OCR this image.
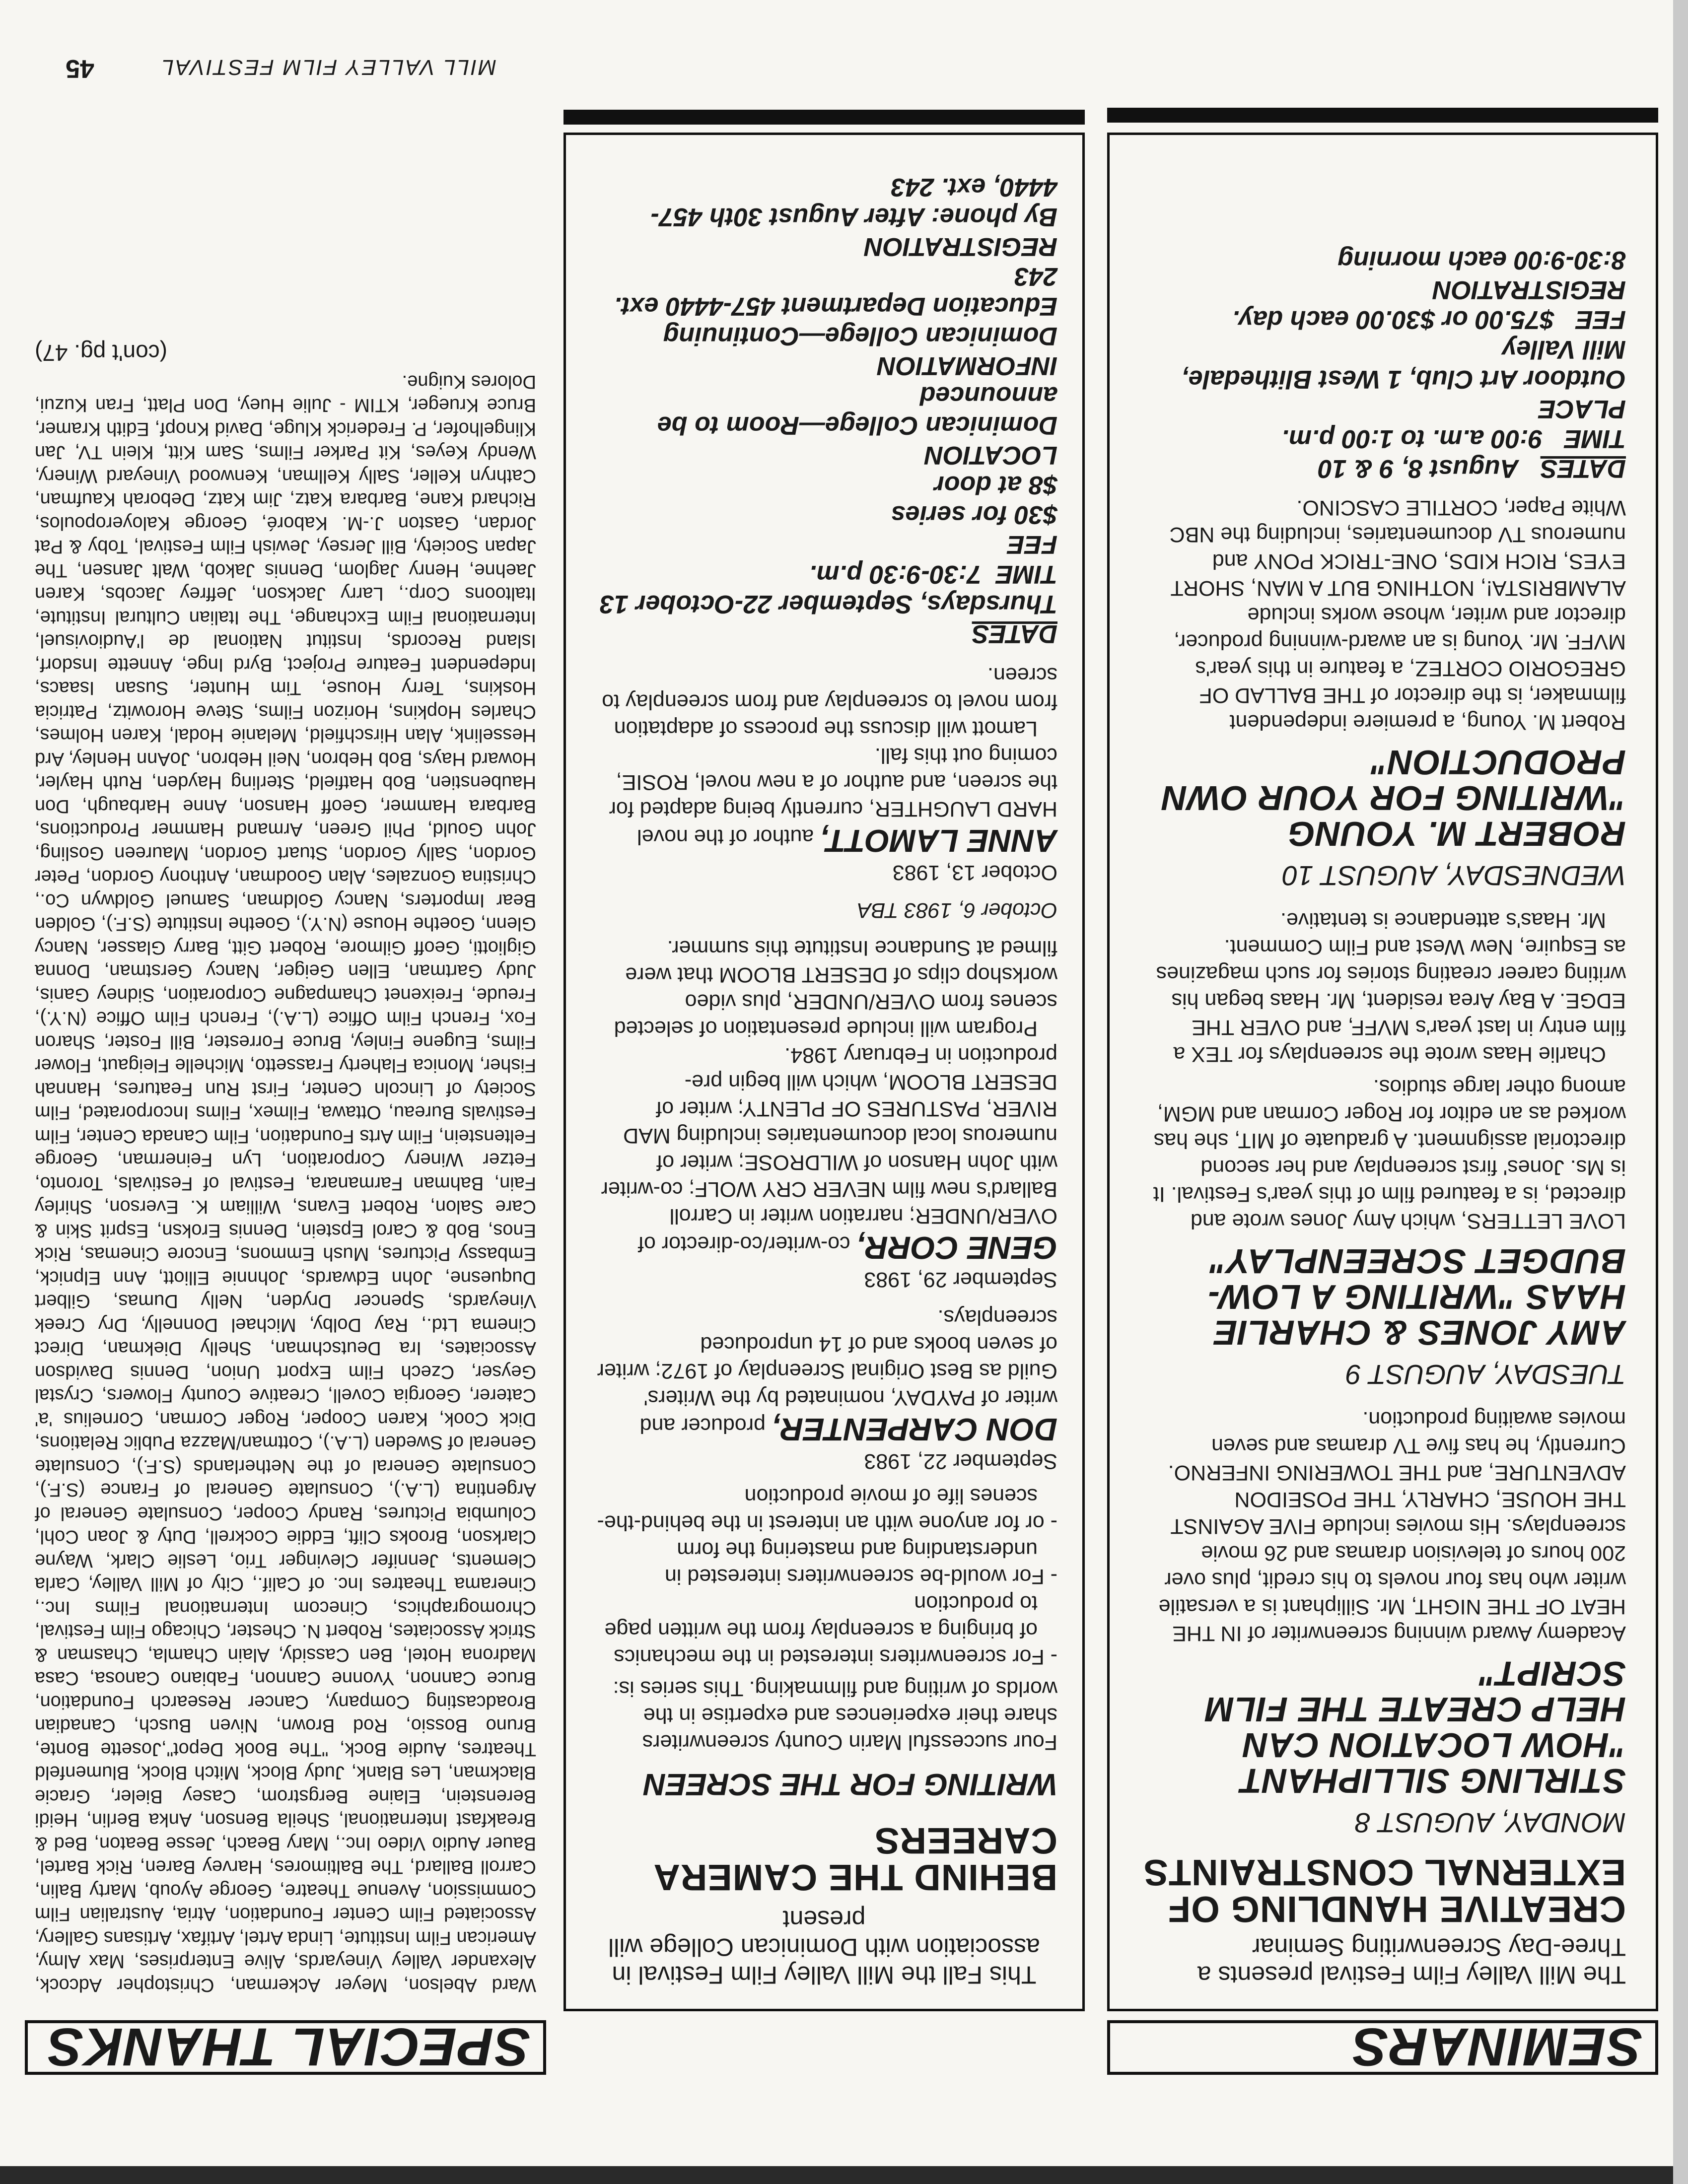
SEMINARS

The Mill Valley Film Festival presents a Three-Day Screenwriting Seminar

CREATIVE HANDLING OF EXTERNAL CONSTRAINTS

MONDAY, AUGUST 8

STIRLING SILLIPHANT "HOW LOCATION CAN HELP CREATE THE FILM SCRIPT"

Academy Award winning screenwriter of IN THE HEAT OF THE NIGHT, Mr. Silliphant is a versatile writer who has four novels to his credit, plus over 200 hours of television dramas and 26 movie screenplays. His movies include FIVE AGAINST THE HOUSE, CHARLY, THE POSEIDON ADVENTURE, and THE TOWERING INFERNO. Currently, he has five TV dramas and seven movies awaiting production.

TUESDAY, AUGUST 9

AMY JONES & CHARLIE HAAS "WRITING A LOW-BUDGET SCREENPLAY"

LOVE LETTERS, which Amy Jones wrote and directed, is a featured film of this year's Festival. It is Ms. Jones' first screenplay and her second directorial assignment. A graduate of MIT, she has worked as an editor for Roger Corman and MGM, among other large studios.

Charlie Haas wrote the screenplays for TEX a film entry in last year's MVFF, and OVER THE EDGE. A Bay Area resident, Mr. Haas began his writing career creating stories for such magazines as Esquire, New West and Film Comment.

Mr. Haas's attendance is tentative.

WEDNESDAY, AUGUST 10

ROBERT M. YOUNG "WRITING FOR YOUR OWN PRODUCTION"

Robert M. Young, a premiere independent filmmaker, is the director of THE BALLAD OF GREGORIO CORTEZ, a feature in this year's MVFF. Mr. Young is an award-winning producer, director and writer, whose works include ALAMBRISTA!, NOTHING BUT A MAN, SHORT EYES, RICH KIDS, ONE-TRICK PONY and numerous TV documentaries, including the NBC White Paper, CORTILE CASCINO.

DATES   August 8, 9 & 10

TIME   9:00 a.m. to 1:00 p.m.

PLACE

Outdoor Art Club, 1 West Blithedale, Mill Valley

FEE   $75.00 or $30.00 each day.

REGISTRATION

8:30-9:00 each morning

This Fall the Mill Valley Film Festival in association with Dominican College will present

BEHIND THE CAMERA CAREERS

WRITING FOR THE SCREEN

Four successful Marin County screenwriters share their experiences and expertise in the worlds of writing and filmmaking. This series is:

- For screenwriters interested in the mechanics of bringing a screenplay from the written page to production
- For would-be screenwriters interested in understanding and mastering the form
- or for anyone with an interest in the behind-the-scenes life of movie production

September 22, 1983

DON CARPENTER, producer and writer of PAYDAY, nominated by the Writers' Guild as Best Original Screenplay of 1972; writer of seven books and of 14 unproduced screenplays.

September 29, 1983

GENE CORR, co-writer/co-director of OVER/UNDER; narration writer in Carroll Ballard's new film NEVER CRY WOLF; co-writer with John Hanson of WILDROSE; writer of numerous local documentaries including MAD RIVER, PASTURES OF PLENTY; writer of DESERT BLOOM, which will begin pre-production in February 1984.

Program will include presentation of selected scenes from OVER/UNDER, plus video workshop clips of DESERT BLOOM that were filmed at Sundance Institute this summer.

October 6, 1983 TBA

October 13, 1983

ANNE LAMOTT, author of the novel HARD LAUGHTER, currently being adapted for the screen, and author of a new novel, ROSIE, coming out this fall.

Lamott will discuss the process of adaptation from novel to screenplay and from screenplay to screen.

DATES

Thursdays, September 22-October 13

TIME  7:30-9:30 p.m.

FEE

$30 for series

$8 at door

LOCATION

Dominican College—Room to be announced

INFORMATION

Dominican College—Continuing Education Department 457-4440 ext. 243

REGISTRATION

By phone: After August 30th 457-4440, ext. 243

SPECIAL THANKS

Ward Abelson, Meyer Ackerman, Christopher Adcock, Alexander Valley Vineyards, Alive Enterprises, Max Almy, American Film Institute, Linda Artel, Artifax, Artisans Gallery, Associated Film Center Foundation, Atria, Australian Film Commission, Avenue Theatre, George Ayoub, Marty Balin, Carroll Ballard, The Baltimores, Harvey Baren, Rick Bartel, Bauer Audio Video Inc., Mary Beach, Jesse Beaton, Bed & Breakfast International, Sheila Benson, Anka Berlin, Heidi Berenstein, Elaine Bergstrom, Casey Bieler, Gracie Blackman, Les Blank, Judy Block, Mitch Block, Blumenfeld Theatres, Audie Bock, "The Book Depot",Josette Bonte, Bruno Bossio, Rod Brown, Niven Busch, Canadian Broadcasting Company, Cancer Research Foundation, Bruce Cannon, Yvonne Cannon, Fabiano Canosa, Casa Madrona Hotel, Ben Cassidy, Alain Chamla, Chasman & Strick Associates, Robert N. Chester, Chicago Film Festival, Chromographics, Cinecom International Films Inc., Cinerama Theatres Inc. of Calif., City of Mill Valley, Carla Clements, Jennifer Clevinger Trio, Leslie Clark, Wayne Clarkson, Brooks Clift, Eddie Cockrell, Duty & Joan Cohl, Columbia Pictures, Randy Cooper, Consulate General of Argentina (L.A.), Consulate General of France (S.F.), Consulate General of the Netherlands (S.F.), Consulate General of Sweden (L.A.), Cottman/Mazza Public Relations, Dick Cook, Karen Cooper, Roger Corman, Cornelius 'a' Caterer, Georgia Covell, Creative County Flowers, Crystal Geyser, Czech Film Export Union, Dennis Davidson Associates, Ira Deutschman, Shelly Diekman, Direct Cinema Ltd., Ray Dolby, Michael Donnelly, Dry Creek Vineyards, Spencer Dryden, Nelly Dumas, Gilbert Duquesne, John Edwards, Johnnie Elliott, Ann Elpnick, Embassy Pictures, Mush Emmons, Encore Cinemas, Rick Enos, Bob & Carol Epstein, Dennis Eroksn, Esprit Skin & Care Salon, Robert Evans, William K. Everson, Shirley Fain, Bahman Farmanara, Festival of Festivals, Toronto, Fetzer Winery Corporation, Lyn Feinerman, George Feltenstein, Film Arts Foundation, Film Canada Center, Film Festivals Bureau, Ottawa, Filmex, Films Incorporated, Film Society of Lincoln Center, First Run Features, Hannah Fisher, Monica Flaherty Frassetto, Michelle Fleigaut, Flower Films, Eugene Finley, Bruce Forrester, Bill Foster, Sharon Fox, French Film Office (L.A.), French Film Office (N.Y.), Freude, Freixenet Champagne Corporation, Sidney Ganis, Judy Gartman, Ellen Geiger, Nancy Gerstman, Donna Gigliotti, Geoff Gilmore, Robert Gitt, Barry Glasser, Nancy Glenn, Goethe House (N.Y.), Goethe Institute (S.F.), Golden Bear Importers, Nancy Goldman, Samuel Goldwyn Co., Christina Gonzales, Alan Goodman, Anthony Gordon, Peter Gordon, Sally Gordon, Stuart Gordon, Maureen Gosling, John Gould, Phil Green, Armand Hammer Productions, Barbara Hammer, Geoff Hanson, Anne Harbaugh, Don Haubenstien, Bob Hatfield, Sterling Hayden, Ruth Hayler, Howard Hays, Bob Hebron, Neil Hebron, JoAnn Henley, Ard Hesselink, Alan Hirschfield, Melanie Hodal, Karen Holmes, Charles Hopkins, Horizon Films, Steve Horowitz, Patricia Hoskins, Terry House, Tim Hunter, Susan Isaacs, Independent Feature Project, Byrd Inge, Annette Insdorf, Island Records, Institut National de l'Audiovisuel, International Film Exchange, The Italian Cultural Institute, Italtoons Corp., Larry Jackson, Jeffrey Jacobs, Karen Jaehne, Henry Jaglom, Dennis Jakob, Walt Jansen, The Japan Society, Bill Jersey, Jewish Film Festival, Toby & Pat Jordan, Gaston J.-M. Kaboré, George Kaloyeropoulos, Richard Kane, Barbara Katz, Jim Katz, Deborah Kaufman, Cathryn Keller, Sally Kellman, Kenwood Vineyard Winery, Wendy Keyes, Kit Parker Films, Sam Kitt, Klein TV, Jan Klingelhofer, P. Frederick Kluge, David Knopf, Edith Kramer, Bruce Krueger, KTIM - Julie Huey, Don Platt, Fran Kuzui, Dolores Kuigne.

(con't pg. 47)

MILL VALLEY FILM FESTIVAL
45
